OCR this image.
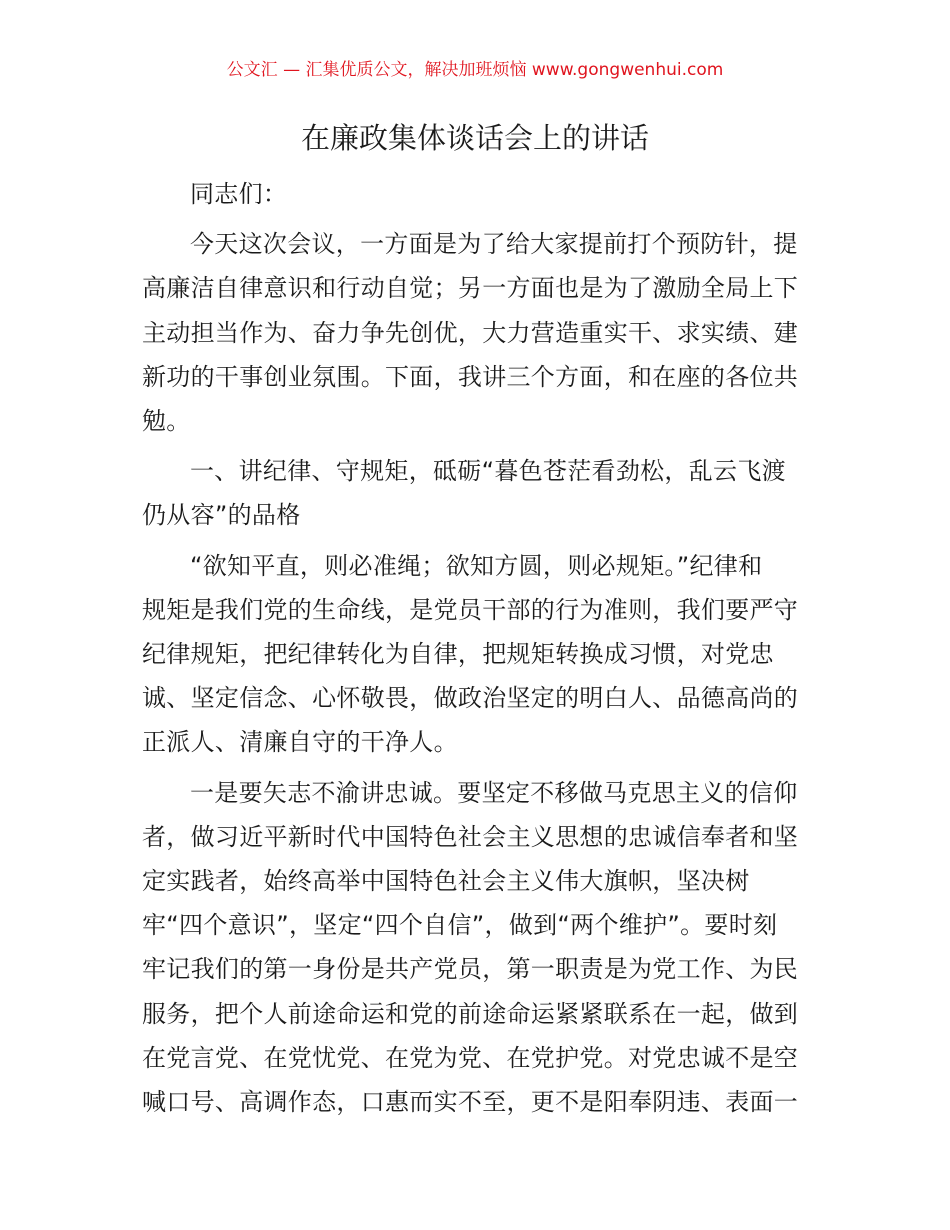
公文汇 — 汇集优质公文，解决加班烦恼 www.gongwenhui.com
在廉政集体谈话会上的讲话

同志们：

今天这次会议，一方面是为了给大家提前打个预防针，提
高廉洁自律意识和行动自觉；另一方面也是为了激励全局上下
主动担当作为、奋力争先创优，大力营造重实干、求实绩、建
新功的干事创业氛围。下面，我讲三个方面，和在座的各位共
勉。

一、讲纪律、守规矩，砥砺“暮色苍茫看劲松，乱云飞渡
仍从容”的品格

“欲知平直，则必准绳；欲知方圆，则必规矩。”纪律和
规矩是我们党的生命线，是党员干部的行为准则，我们要严守
纪律规矩，把纪律转化为自律，把规矩转换成习惯，对党忠
诚、坚定信念、心怀敬畏，做政治坚定的明白人、品德高尚的
正派人、清廉自守的干净人。

一是要矢志不渝讲忠诚。要坚定不移做马克思主义的信仰
者，做习近平新时代中国特色社会主义思想的忠诚信奉者和坚
定实践者，始终高举中国特色社会主义伟大旗帜，坚决树
牢“四个意识”，坚定“四个自信”，做到“两个维护”。要时刻
牢记我们的第一身份是共产党员，第一职责是为党工作、为民
服务，把个人前途命运和党的前途命运紧紧联系在一起，做到
在党言党、在党忧党、在党为党、在党护党。对党忠诚不是空
喊口号、高调作态，口惠而实不至，更不是阳奉阴违、表面一
